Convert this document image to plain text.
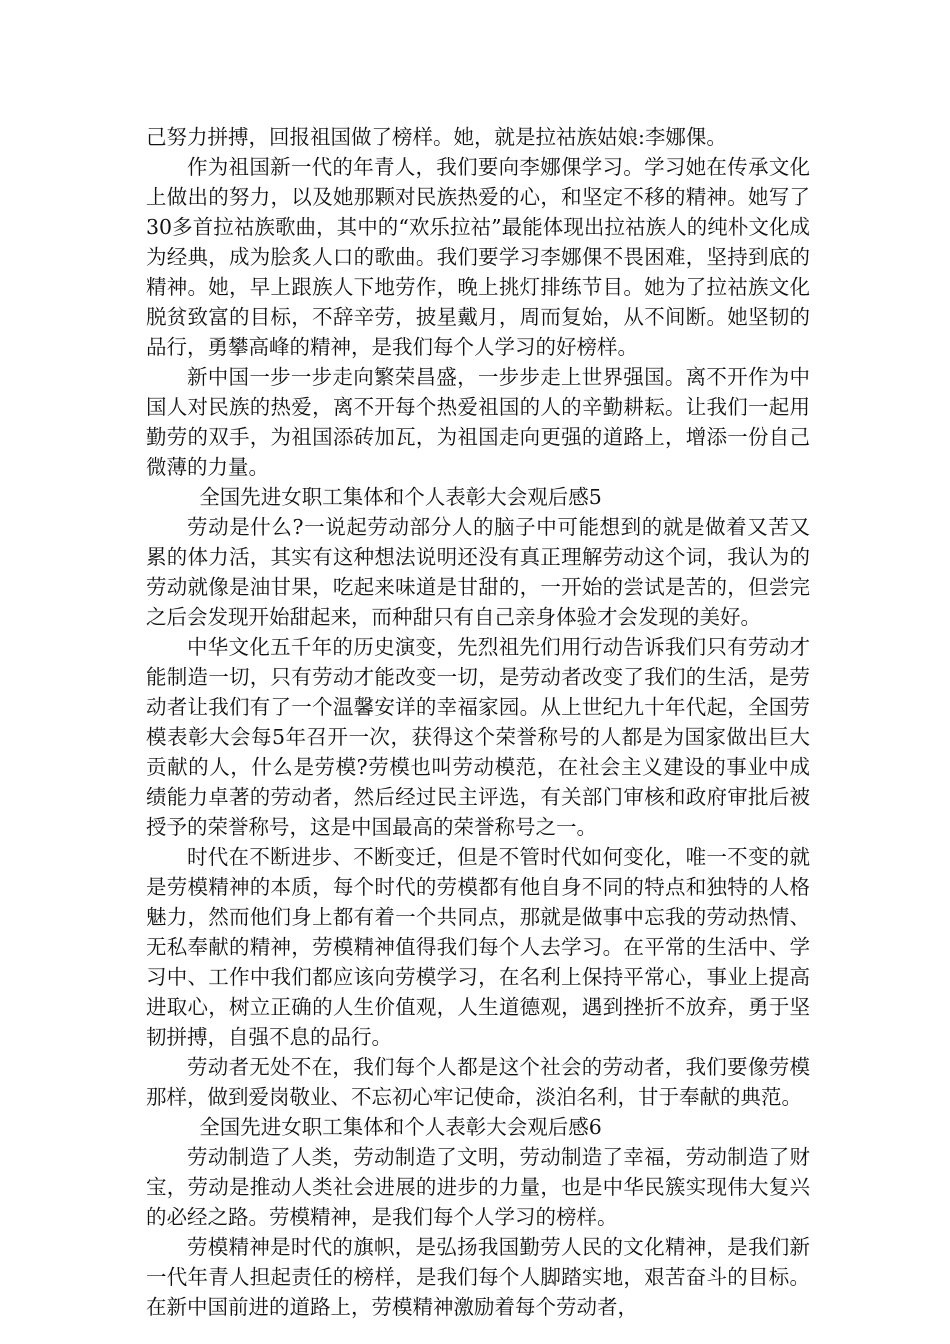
己努力拼搏，回报祖国做了榜样。她，就是拉祜族姑娘:李娜倮。

作为祖国新一代的年青人，我们要向李娜倮学习。学习她在传承文化上做出的努力，以及她那颗对民族热爱的心，和坚定不移的精神。她写了30多首拉祜族歌曲，其中的“欢乐拉祜”最能体现出拉祜族人的纯朴文化成为经典，成为脍炙人口的歌曲。我们要学习李娜倮不畏困难，坚持到底的精神。她，早上跟族人下地劳作，晚上挑灯排练节目。她为了拉祜族文化脱贫致富的目标，不辞辛劳，披星戴月，周而复始，从不间断。她坚韧的品行，勇攀高峰的精神，是我们每个人学习的好榜样。

新中国一步一步走向繁荣昌盛，一步步走上世界强国。离不开作为中国人对民族的热爱，离不开每个热爱祖国的人的辛勤耕耘。让我们一起用勤劳的双手，为祖国添砖加瓦，为祖国走向更强的道路上，增添一份自己微薄的力量。

全国先进女职工集体和个人表彰大会观后感5

劳动是什么?一说起劳动部分人的脑子中可能想到的就是做着又苦又累的体力活，其实有这种想法说明还没有真正理解劳动这个词，我认为的劳动就像是油甘果，吃起来味道是甘甜的，一开始的尝试是苦的，但尝完之后会发现开始甜起来，而种甜只有自己亲身体验才会发现的美好。

中华文化五千年的历史演变，先烈祖先们用行动告诉我们只有劳动才能制造一切，只有劳动才能改变一切，是劳动者改变了我们的生活，是劳动者让我们有了一个温馨安详的幸福家园。从上世纪九十年代起，全国劳模表彰大会每5年召开一次，获得这个荣誉称号的人都是为国家做出巨大贡献的人，什么是劳模?劳模也叫劳动模范，在社会主义建设的事业中成绩能力卓著的劳动者，然后经过民主评选，有关部门审核和政府审批后被授予的荣誉称号，这是中国最高的荣誉称号之一。

时代在不断进步、不断变迁，但是不管时代如何变化，唯一不变的就是劳模精神的本质，每个时代的劳模都有他自身不同的特点和独特的人格魅力，然而他们身上都有着一个共同点，那就是做事中忘我的劳动热情、无私奉献的精神，劳模精神值得我们每个人去学习。在平常的生活中、学习中、工作中我们都应该向劳模学习，在名利上保持平常心，事业上提高进取心，树立正确的人生价值观，人生道德观，遇到挫折不放弃，勇于坚韧拼搏，自强不息的品行。

劳动者无处不在，我们每个人都是这个社会的劳动者，我们要像劳模那样，做到爱岗敬业、不忘初心牢记使命，淡泊名利，甘于奉献的典范。

全国先进女职工集体和个人表彰大会观后感6

劳动制造了人类，劳动制造了文明，劳动制造了幸福，劳动制造了财宝，劳动是推动人类社会进展的进步的力量，也是中华民簇实现伟大复兴的必经之路。劳模精神，是我们每个人学习的榜样。

劳模精神是时代的旗帜，是弘扬我国勤劳人民的文化精神，是我们新一代年青人担起责任的榜样，是我们每个人脚踏实地，艰苦奋斗的目标。在新中国前进的道路上，劳模精神激励着每个劳动者，
